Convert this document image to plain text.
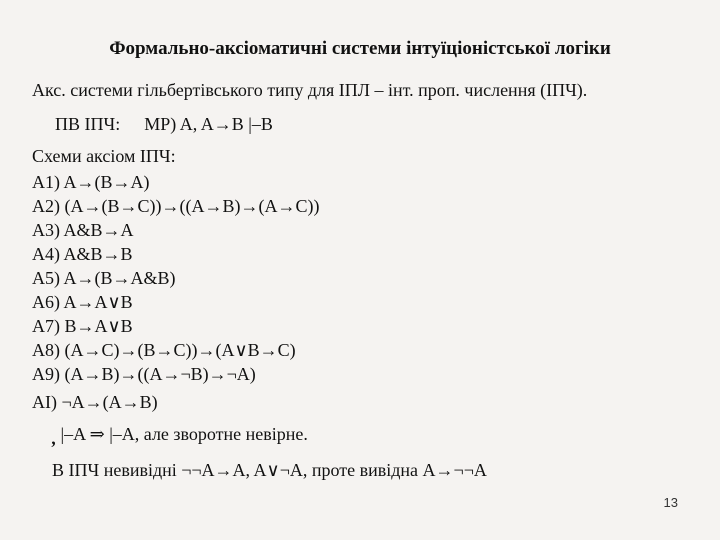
Формально-аксіоматичні системи інтуїціоністської логіки
Акс. системи гільбертівського типу для ІПЛ – інт. проп. числення (ІПЧ).
ПВ ІПЧ: MP) A, A→B |–B
Схеми аксіом ІПЧ:
A1) A→(B→A)
A2) (A→(B→C))→((A→B)→(A→C))
A3) A&B→A
A4) A&B→B
A5) A→(B→A&B)
A6) A→A∨B
A7) B→A∨B
A8) (A→C)→(B→C))→(A∨B→C)
A9) (A→B)→((A→¬B)→¬A)
AI) ¬A→(A→B)
, |–A ⇒ |–A, але зворотне невірне.
В ІПЧ невивідні ¬¬A→A, A∨¬A, проте вивідна A→¬¬A
13
